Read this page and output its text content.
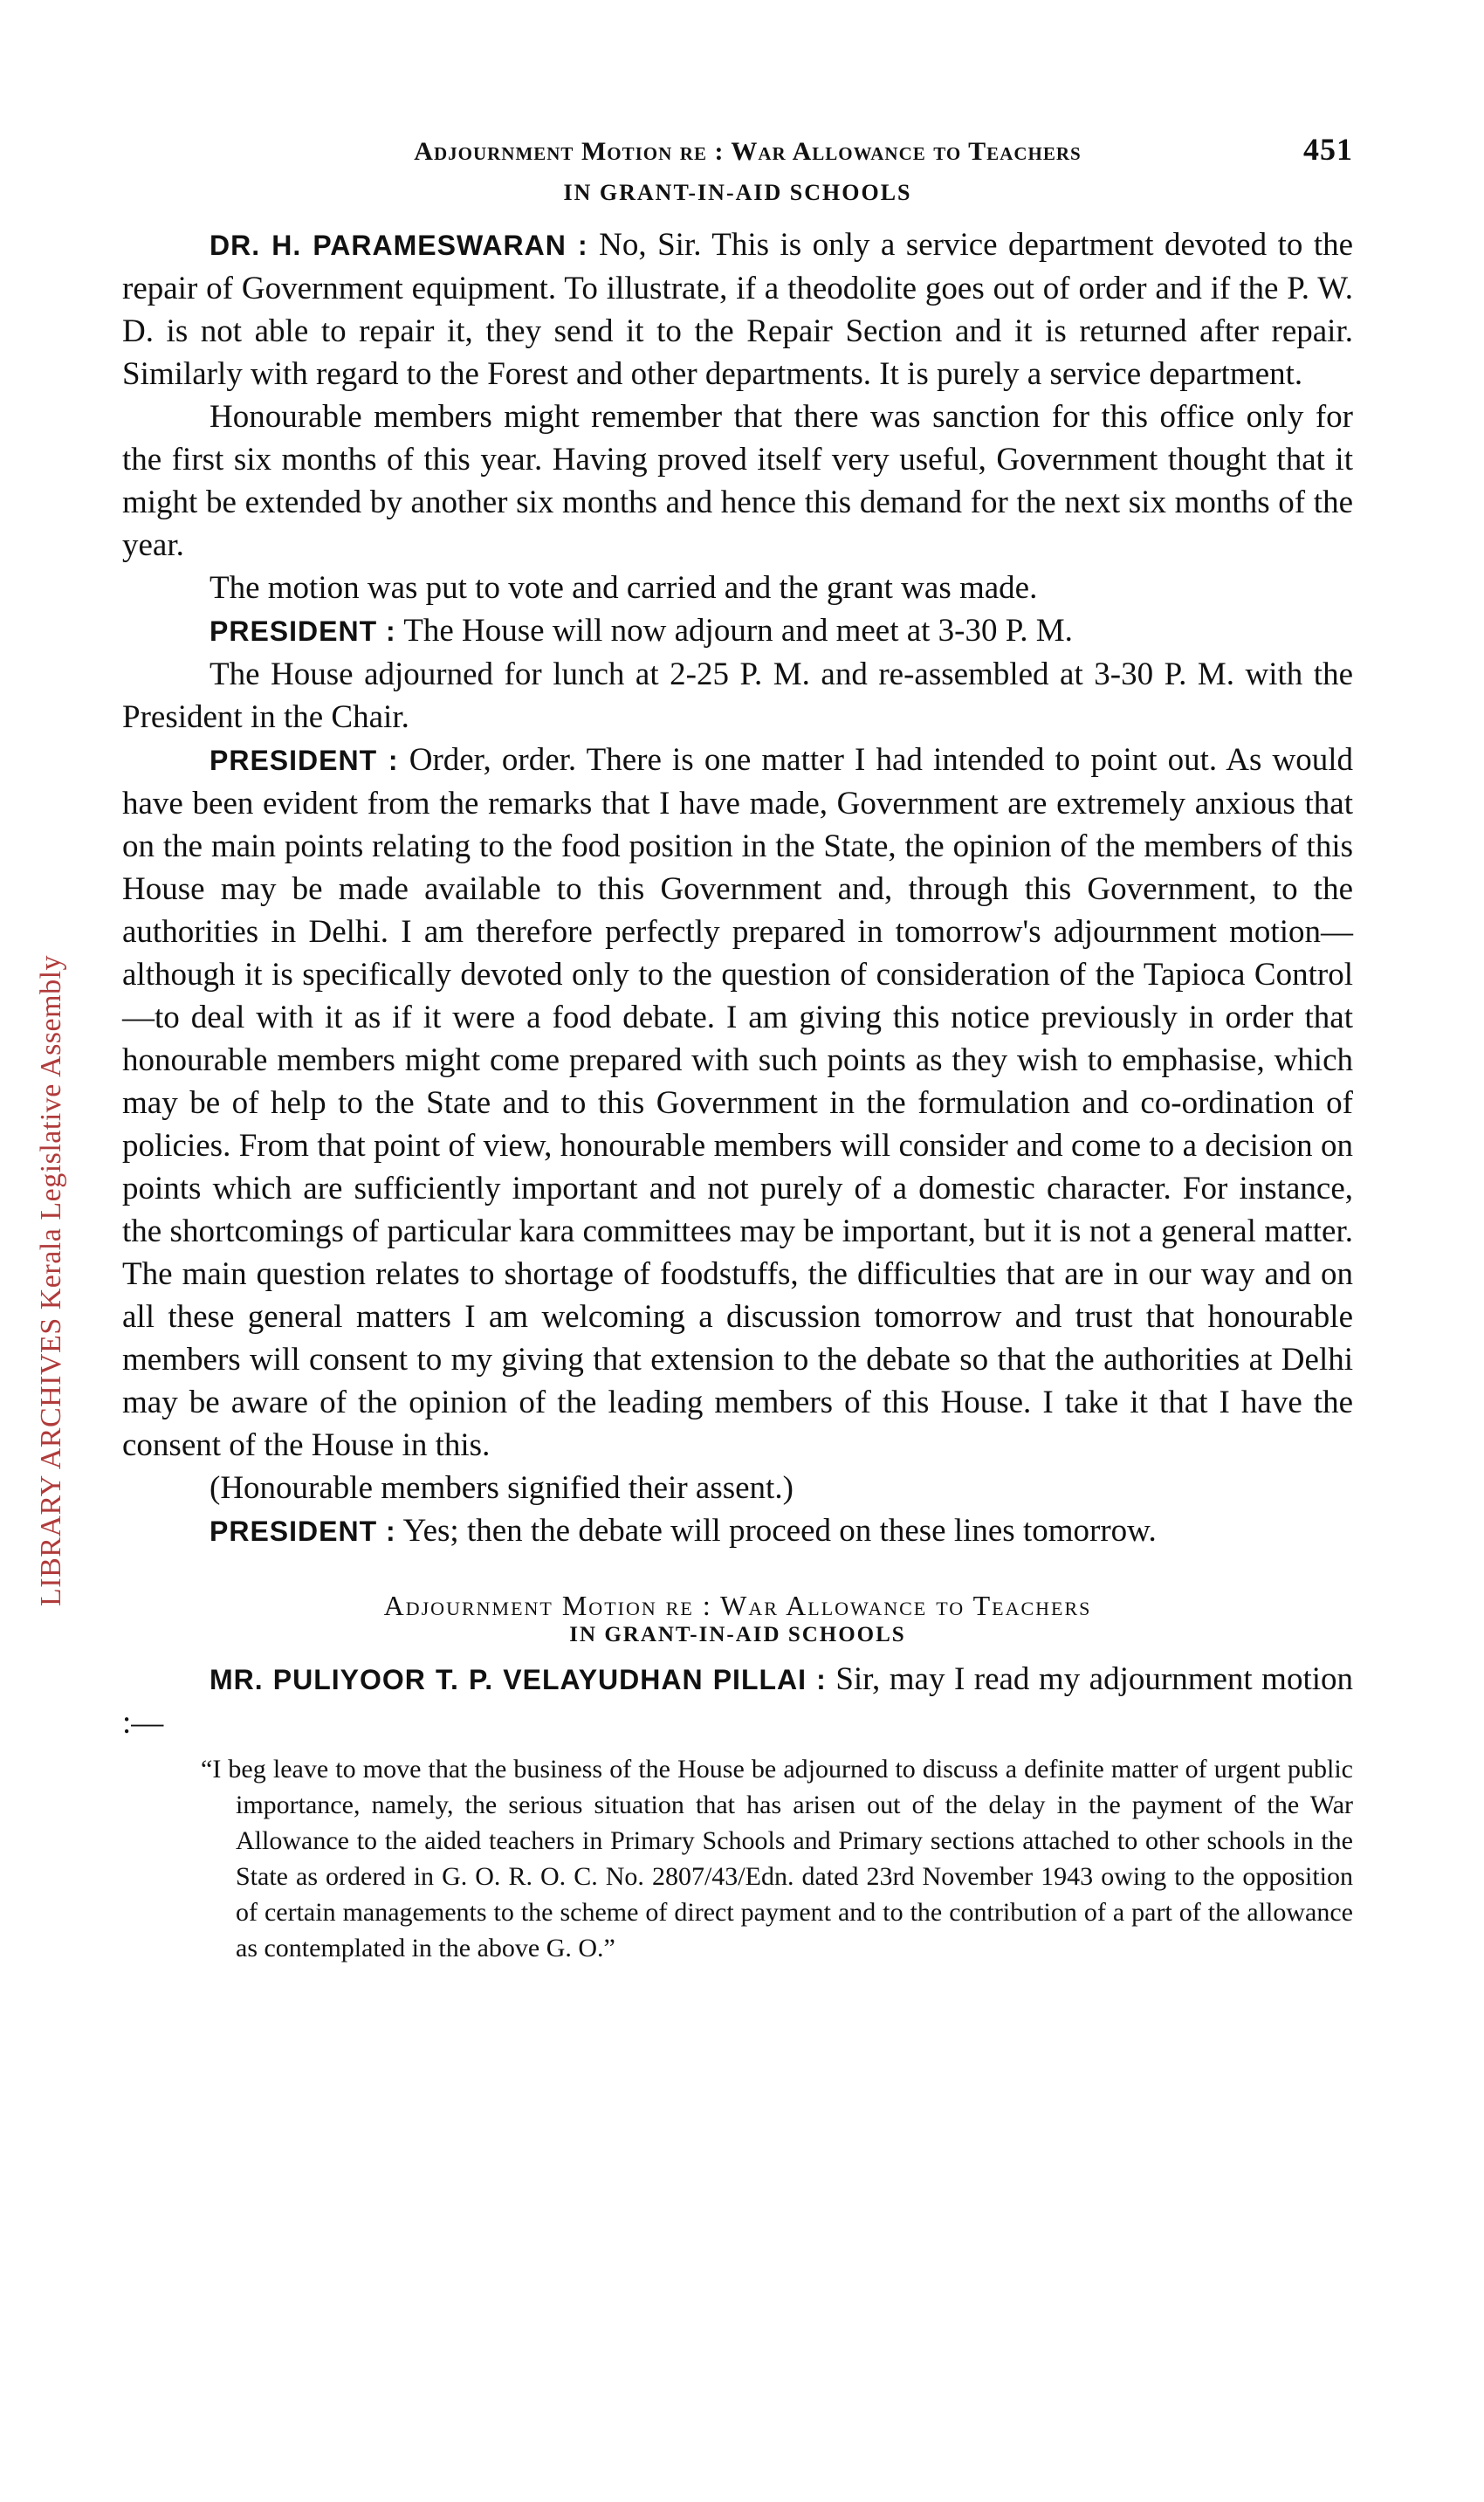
LIBRARY ARCHIVES Kerala Legislative Assembly
Adjournment Motion re : War Allowance to Teachers	451
IN GRANT-IN-AID SCHOOLS

DR. H. PARAMESWARAN : No, Sir. This is only a service department devoted to the repair of Government equipment. To illustrate, if a theodolite goes out of order and if the P. W. D. is not able to repair it, they send it to the Repair Section and it is returned after repair. Similarly with regard to the Forest and other departments. It is purely a service department.

Honourable members might remember that there was sanction for this office only for the first six months of this year. Having proved itself very useful, Government thought that it might be extended by another six months and hence this demand for the next six months of the year.

The motion was put to vote and carried and the grant was made.

PRESIDENT : The House will now adjourn and meet at 3-30 P. M.

The House adjourned for lunch at 2-25 P. M. and re-assembled at 3-30 P. M. with the President in the Chair.

PRESIDENT : Order, order. There is one matter I had intended to point out. As would have been evident from the remarks that I have made, Government are extremely anxious that on the main points relating to the food position in the State, the opinion of the members of this House may be made available to this Government and, through this Government, to the authorities in Delhi. I am therefore perfectly prepared in tomorrow's adjournment motion—although it is specifically devoted only to the question of consideration of the Tapioca Control—to deal with it as if it were a food debate. I am giving this notice previously in order that honourable members might come prepared with such points as they wish to emphasise, which may be of help to the State and to this Government in the formulation and co-ordination of policies. From that point of view, honourable members will consider and come to a decision on points which are sufficiently important and not purely of a domestic character. For instance, the shortcomings of particular kara committees may be important, but it is not a general matter. The main question relates to shortage of foodstuffs, the difficulties that are in our way and on all these general matters I am welcoming a discussion tomorrow and trust that honourable members will consent to my giving that extension to the debate so that the authorities at Delhi may be aware of the opinion of the leading members of this House. I take it that I have the consent of the House in this.

(Honourable members signified their assent.)

PRESIDENT : Yes; then the debate will proceed on these lines tomorrow.

Adjournment Motion re : War Allowance to Teachers
IN GRANT-IN-AID SCHOOLS

MR. PULIYOOR T. P. VELAYUDHAN PILLAI : Sir, may I read my adjournment motion :—

“I beg leave to move that the business of the House be adjourned to discuss a definite matter of urgent public importance, namely, the serious situation that has arisen out of the delay in the payment of the War Allowance to the aided teachers in Primary Schools and Primary sections attached to other schools in the State as ordered in G. O. R. O. C. No. 2807/43/Edn. dated 23rd November 1943 owing to the opposition of certain managements to the scheme of direct payment and to the contribution of a part of the allowance as contemplated in the above G. O.”
